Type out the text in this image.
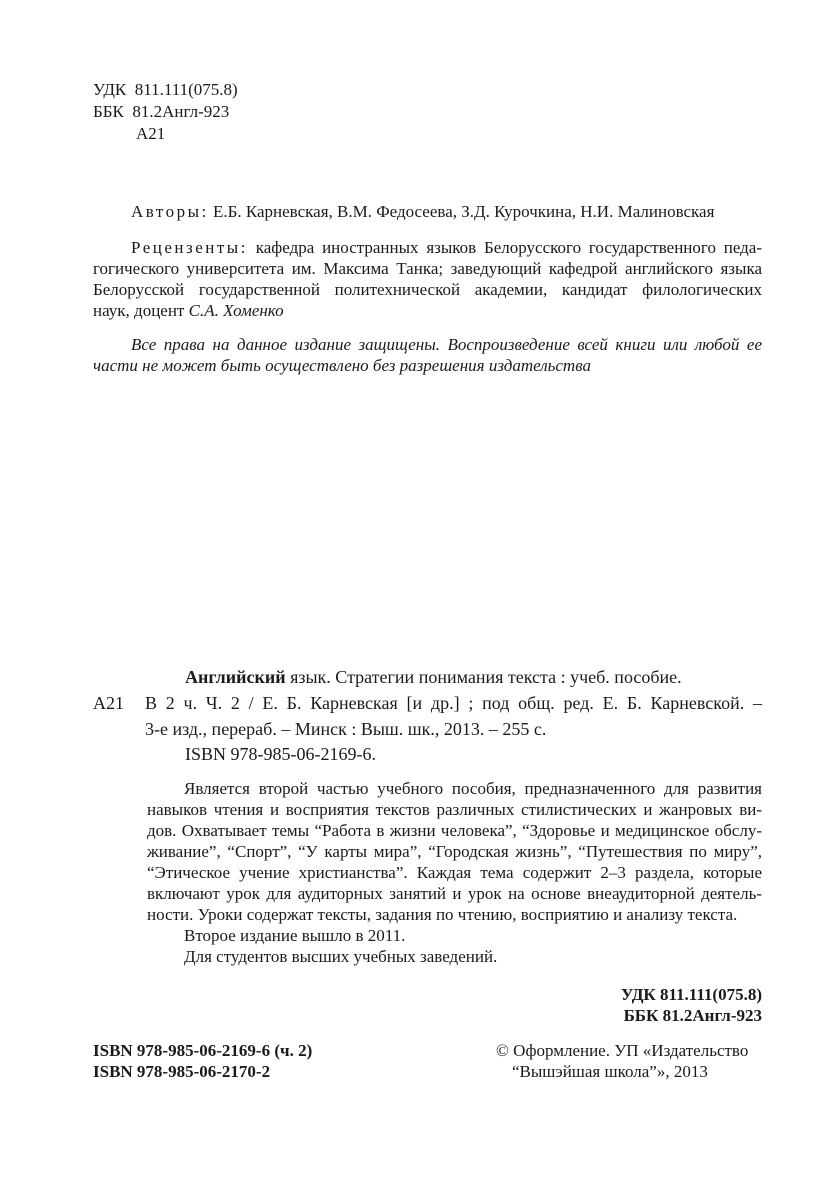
УДК 811.111(075.8)
ББК 81.2Англ-923
А21
Авторы: Е.Б. Карневская, В.М. Федосеева, З.Д. Курочкина, Н.И. Малиновская
Рецензенты: кафедра иностранных языков Белорусского государственного педа-
гогического университета им. Максима Танка; заведующий кафедрой английского языка
Белорусской государственной политехнической академии, кандидат филологических
наук, доцент С.А. Хоменко
Все права на данное издание защищены. Воспроизведение всей книги или любой ее
части не может быть осуществлено без разрешения издательства
Английский язык. Стратегии понимания текста : учеб. пособие.
А21 В 2 ч. Ч. 2 / Е. Б. Карневская [и др.] ; под общ. ред. Е. Б. Карневской. –
3-е изд., перераб. – Минск : Выш. шк., 2013. – 255 с.
ISBN 978-985-06-2169-6.
Является второй частью учебного пособия, предназначенного для развития
навыков чтения и восприятия текстов различных стилистических и жанровых ви-
дов. Охватывает темы “Работа в жизни человека”, “Здоровье и медицинское обслу-
живание”, “Спорт”, “У карты мира”, “Городская жизнь”, “Путешествия по миру”,
“Этическое учение христианства”. Каждая тема содержит 2–3 раздела, которые
включают урок для аудиторных занятий и урок на основе внеаудиторной деятель-
ности. Уроки содержат тексты, задания по чтению, восприятию и анализу текста.
Второе издание вышло в 2011.
Для студентов высших учебных заведений.
УДК 811.111(075.8)
ББК 81.2Англ-923
ISBN 978-985-06-2169-6 (ч. 2)
ISBN 978-985-06-2170-2
© Оформление. УП «Издательство
“Вышэйшая школа”», 2013
